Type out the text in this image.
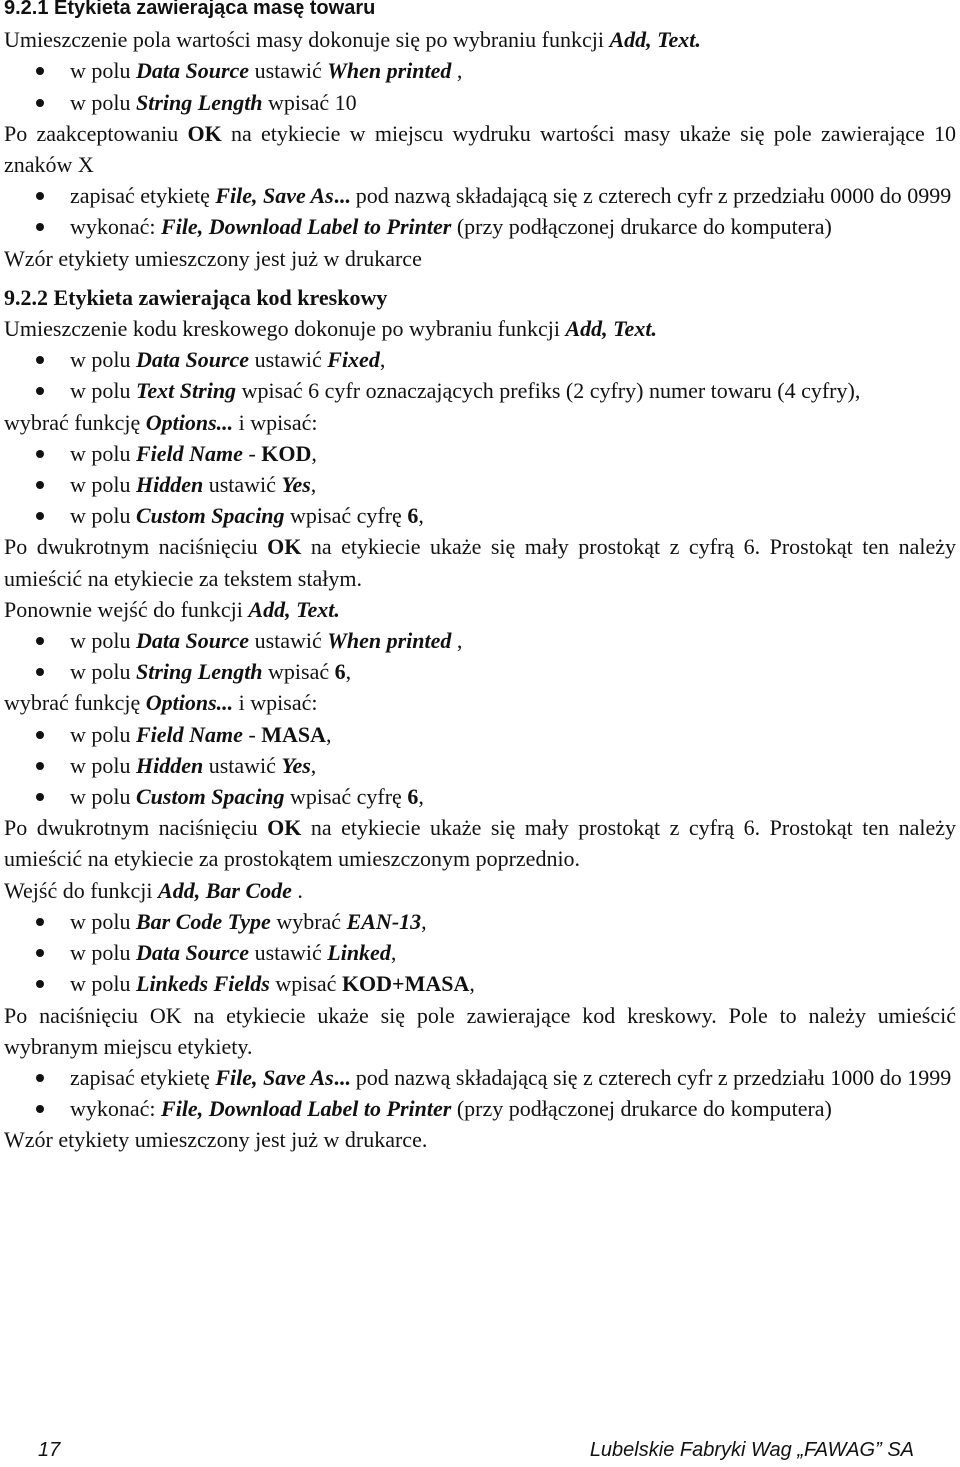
9.2.1 Etykieta zawierająca masę towaru
Umieszczenie pola wartości masy dokonuje się po wybraniu funkcji Add, Text.
w polu Data Source ustawić When printed ,
w polu String Length wpisać 10
Po zaakceptowaniu OK na etykiecie w miejscu wydruku wartości masy ukaże się pole zawierające 10 znaków X
zapisać etykietę File, Save As... pod nazwą składającą się z czterech cyfr z przedziału 0000 do 0999
wykonać: File, Download Label to Printer (przy podłączonej drukarce do komputera)
Wzór etykiety umieszczony jest już w drukarce
9.2.2 Etykieta zawierająca kod kreskowy
Umieszczenie kodu kreskowego dokonuje po wybraniu funkcji Add, Text.
w polu Data Source ustawić Fixed,
w polu Text String wpisać 6 cyfr oznaczających prefiks (2 cyfry) numer towaru (4 cyfry),
wybrać funkcję Options... i wpisać:
w polu Field Name - KOD,
w polu Hidden ustawić Yes,
w polu Custom Spacing wpisać cyfrę 6,
Po dwukrotnym naciśnięciu OK na etykiecie ukaże się mały prostokąt z cyfrą 6. Prostokąt ten należy umieścić na etykiecie za tekstem stałym.
Ponownie wejść do funkcji Add, Text.
w polu Data Source ustawić When printed ,
w polu String Length wpisać 6,
wybrać funkcję Options... i wpisać:
w polu Field Name - MASA,
w polu Hidden ustawić Yes,
w polu Custom Spacing wpisać cyfrę 6,
Po dwukrotnym naciśnięciu OK na etykiecie ukaże się mały prostokąt z cyfrą 6. Prostokąt ten należy umieścić na etykiecie za prostokątem umieszczonym poprzednio.
Wejść do funkcji Add, Bar Code .
w polu Bar Code Type wybrać EAN-13,
w polu Data Source ustawić Linked,
w polu Linkeds Fields wpisać KOD+MASA,
Po naciśnięciu OK na etykiecie ukaże się pole zawierające kod kreskowy. Pole to należy umieścić wybranym miejscu etykiety.
zapisać etykietę File, Save As... pod nazwą składającą się z czterech cyfr z przedziału 1000 do 1999
wykonać: File, Download Label to Printer (przy podłączonej drukarce do komputera)
Wzór etykiety umieszczony jest już w drukarce.
17	Lubelskie Fabryki Wag „FAWAG” SA
